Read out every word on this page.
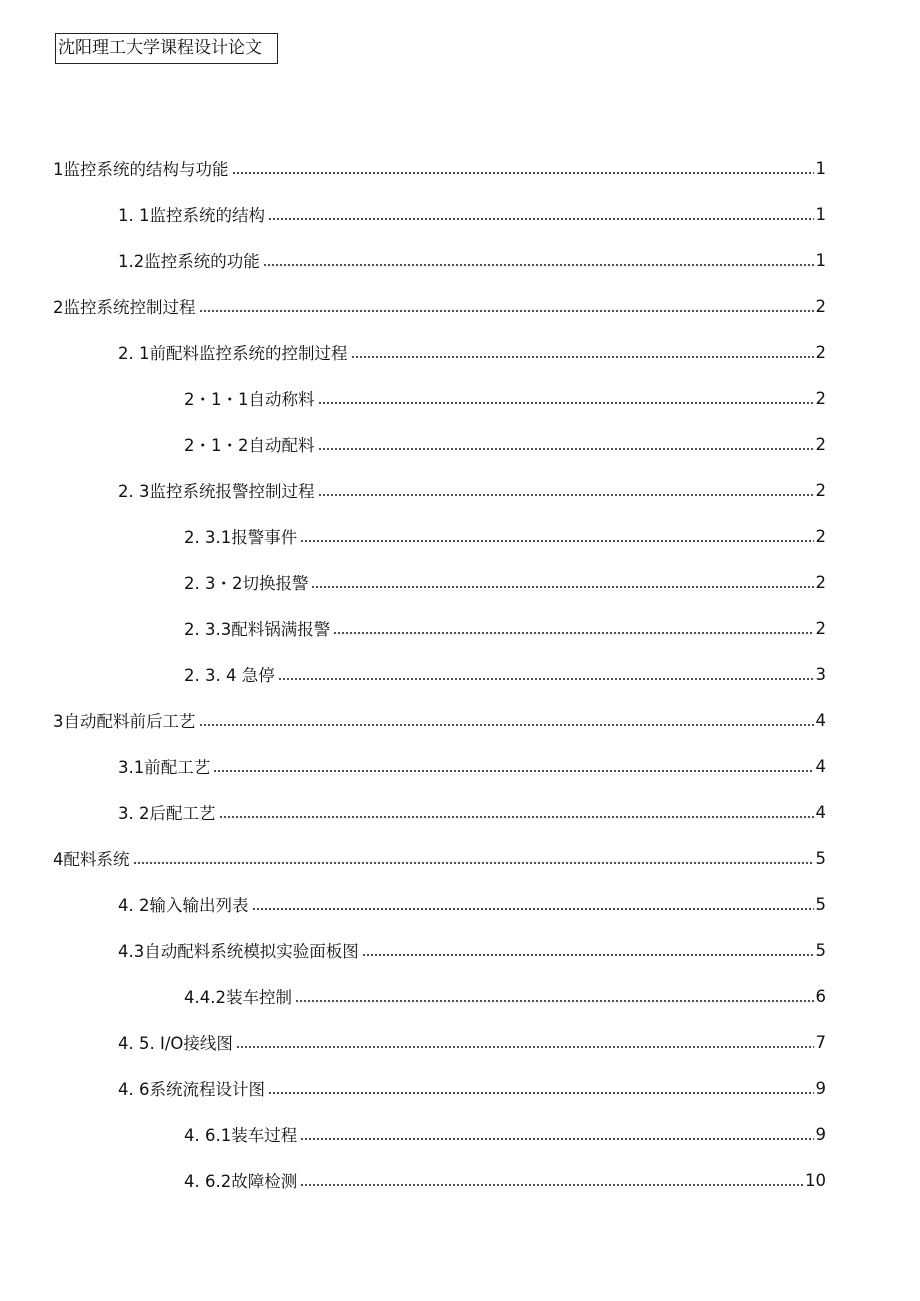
沈阳理工大学课程设计论文
1监控系统的结构与功能	1
1. 1监控系统的结构	1
1.2监控系统的功能	1
2监控系统控制过程	2
2. 1前配料监控系统的控制过程	2
2・1・1自动称料	2
2・1・2自动配料	2
2. 3监控系统报警控制过程	2
2. 3.1报警事件	2
2. 3・2切换报警	2
2. 3.3配料锅满报警	2
2. 3. 4 急停	3
3自动配料前后工艺	4
3.1前配工艺	4
3. 2后配工艺	4
4配料系统	5
4. 2输入输出列表	5
4.3自动配料系统模拟实验面板图	5
4.4.2装车控制	6
4. 5. I/O接线图	7
4. 6系统流程设计图	9
4. 6.1装车过程	9
4. 6.2故障检测	10
